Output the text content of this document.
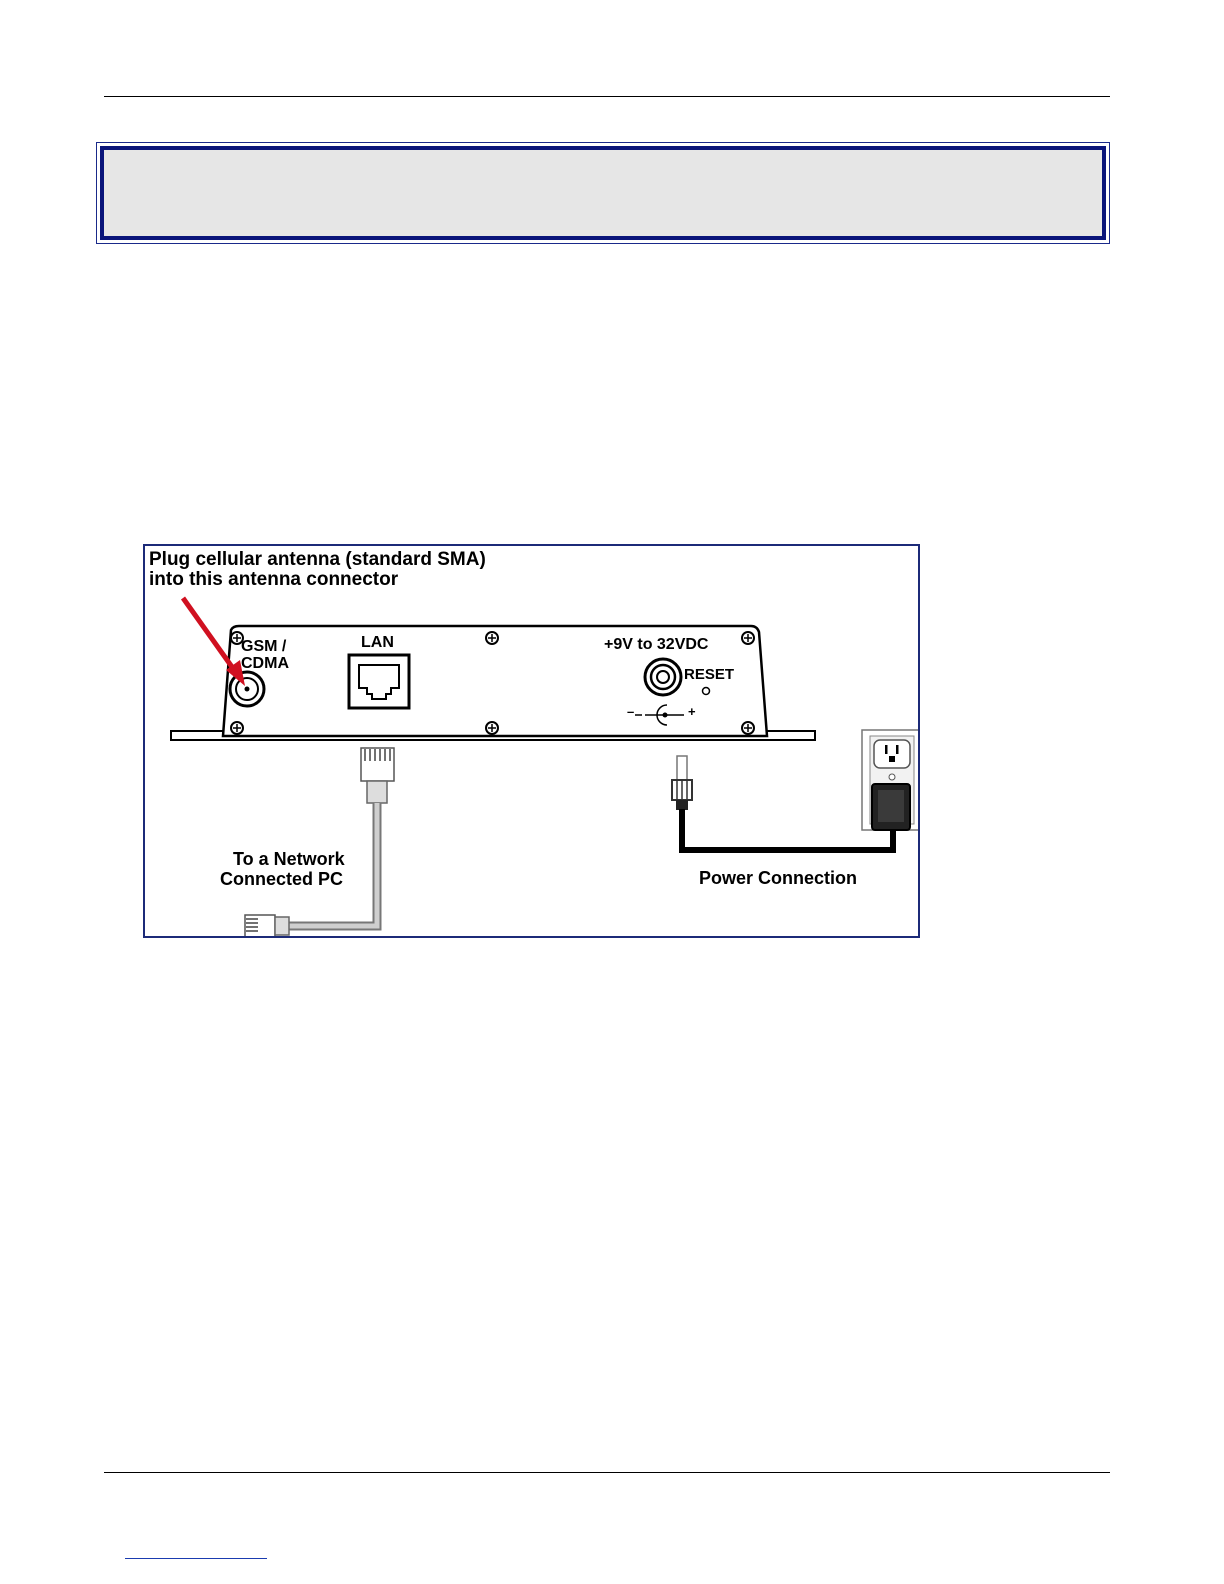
Plug cellular antenna (standard SMA)
into this antenna connector
GSM /
CDMA
LAN	+9V to 32VDC
RESET
–	+
To a Network
Connected PC	Power Connection
